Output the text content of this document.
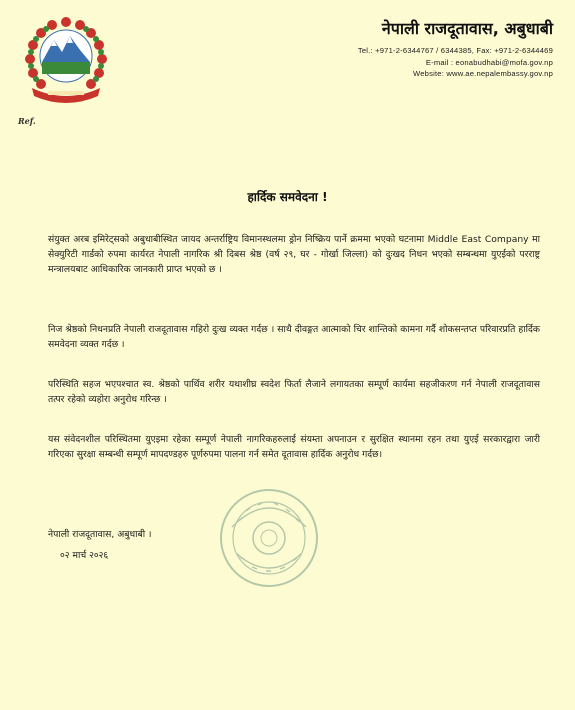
Ref.
नेपाली राजदूतावास, अबुधाबी
Tel.: +971-2-6344767 / 6344385, Fax: +971-2-6344469
E-mail : eonabudhabi@mofa.gov.np
Website: www.ae.nepalembassy.gov.np
हार्दिक समवेदना !
संयुक्त अरब इमिरेट्सको अबुधाबीस्थित जायद अन्तर्राष्ट्रिय विमानस्थलमा ड्रोन निष्क्रिय पार्ने क्रममा भएको घटनामा Middle East Company मा सेक्युरिटी गार्डको रुपमा कार्यरत नेपाली नागरिक श्री दिबस श्रेष्ठ (वर्ष २९, घर - गोर्खा जिल्ला) को दुःखद निधन भएको सम्बन्धमा युएईको परराष्ट्र मन्त्रालयबाट आधिकारिक जानकारी प्राप्त भएको छ ।
निज श्रेष्ठको निधनप्रति नेपाली राजदूतावास गहिरो दुःख व्यक्त गर्दछ । साथै दीवङ्गत आत्माको चिर शान्तिको कामना गर्दै शोकसन्तप्त परिवारप्रति हार्दिक समवेदना व्यक्त गर्दछ ।
परिस्थिति सहज भएपश्चात स्व. श्रेष्ठको पार्थिव शरीर यथाशीघ्र स्वदेश फिर्ता लैजाने लगायतका सम्पूर्ण कार्यमा सहजीकरण गर्न नेपाली राजदूतावास तत्पर रहेको व्यहोरा अनुरोध गरिन्छ ।
यस संवेदनशील परिस्थितमा युएइमा रहेका सम्पूर्ण नेपाली नागरिकहरुलाई संयम्ता अपनाउन र सुरक्षित स्थानमा रहन तथा युएई सरकारद्वारा जारी गरिएका सुरक्षा सम्बन्धी सम्पूर्ण मापदण्डहरु पूर्णरुपमा पालना गर्न समेत दूतावास हार्दिक अनुरोध गर्दछ।
नेपाली राजदूतावास, अबुधाबी ।
०२ मार्च २०२६
